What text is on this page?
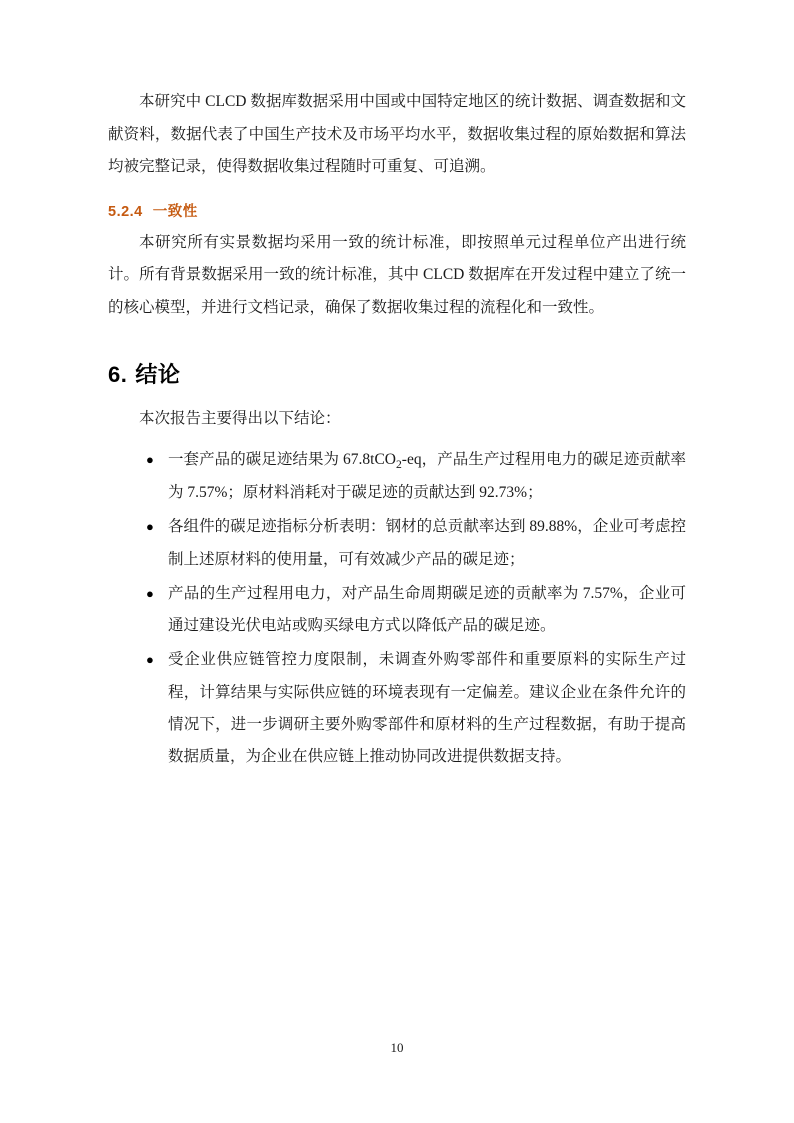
本研究中 CLCD 数据库数据采用中国或中国特定地区的统计数据、调查数据和文献资料，数据代表了中国生产技术及市场平均水平，数据收集过程的原始数据和算法均被完整记录，使得数据收集过程随时可重复、可追溯。

5.2.4 一致性

本研究所有实景数据均采用一致的统计标准，即按照单元过程单位产出进行统计。所有背景数据采用一致的统计标准，其中 CLCD 数据库在开发过程中建立了统一的核心模型，并进行文档记录，确保了数据收集过程的流程化和一致性。

6. 结论

本次报告主要得出以下结论：

● 一套产品的碳足迹结果为 67.8tCO$_2$-eq，产品生产过程用电力的碳足迹贡献率为 7.57%；原材料消耗对于碳足迹的贡献达到 92.73%；
● 各组件的碳足迹指标分析表明：钢材的总贡献率达到 89.88%，企业可考虑控制上述原材料的使用量，可有效减少产品的碳足迹；
● 产品的生产过程用电力，对产品生命周期碳足迹的贡献率为 7.57%，企业可通过建设光伏电站或购买绿电方式以降低产品的碳足迹。
● 受企业供应链管控力度限制，未调查外购零部件和重要原料的实际生产过程，计算结果与实际供应链的环境表现有一定偏差。建议企业在条件允许的情况下，进一步调研主要外购零部件和原材料的生产过程数据，有助于提高数据质量，为企业在供应链上推动协同改进提供数据支持。
10
